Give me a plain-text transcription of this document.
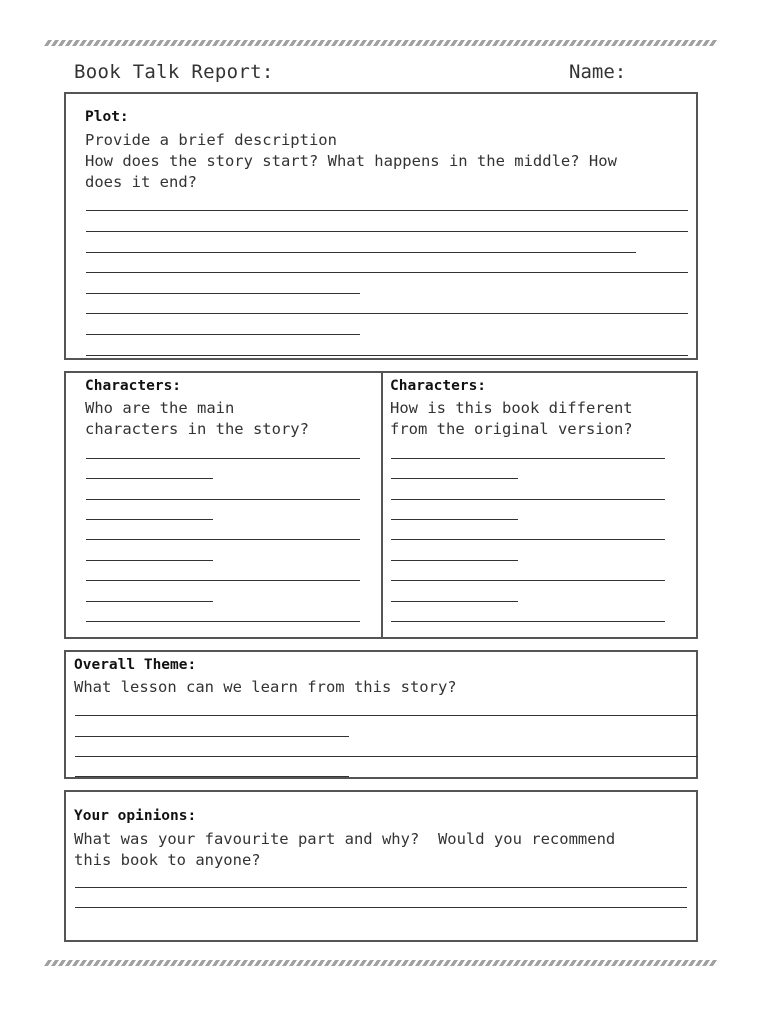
Book Talk Report:	Name:
Plot:
Provide a brief description
How does the story start? What happens in the middle? How
does it end?
Characters:
Who are the main
characters in the story?
Characters:
How is this book different
from the original version?
Overall Theme:
What lesson can we learn from this story?
Your opinions:
What was your favourite part and why?  Would you recommend
this book to anyone?
